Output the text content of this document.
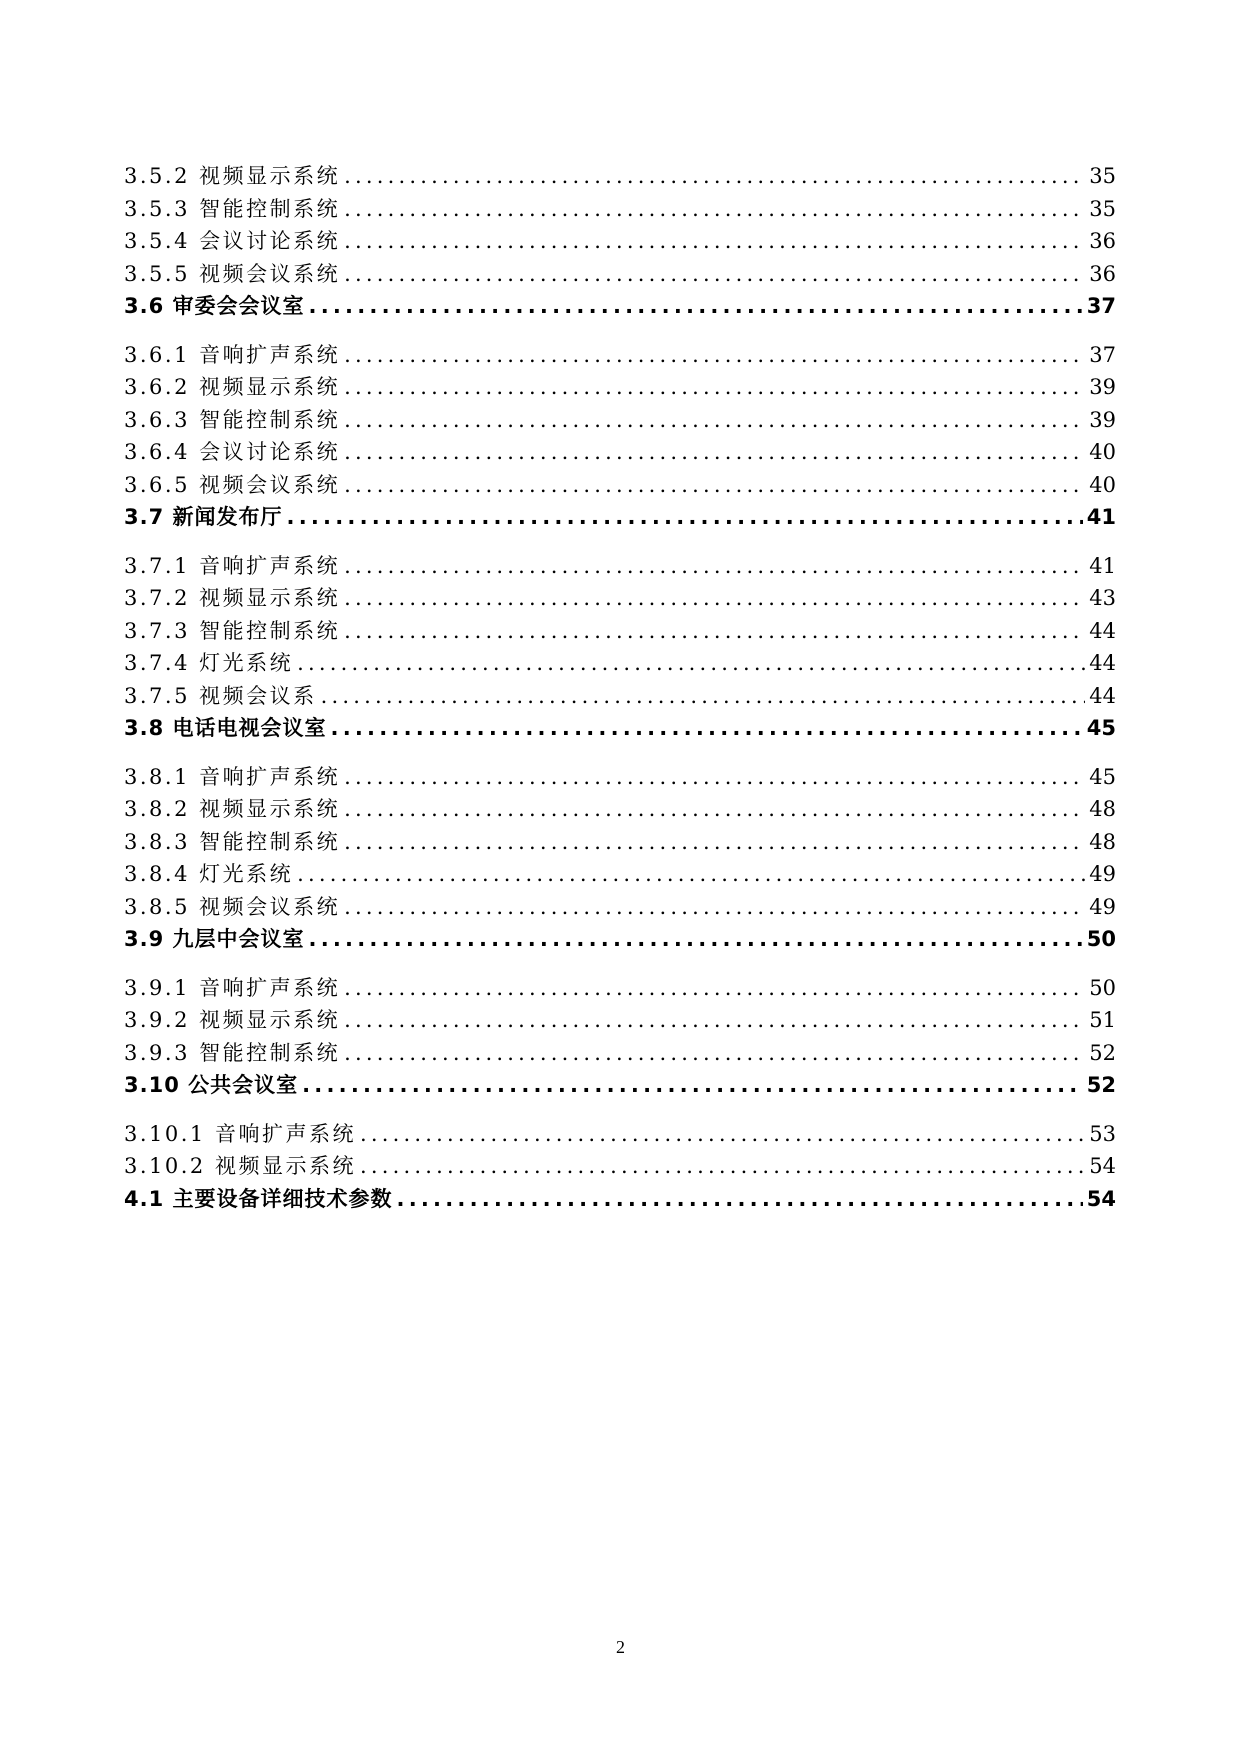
3.5.2 视频显示系统 .....	35
3.5.3 智能控制系统 .....	35
3.5.4 会议讨论系统 .....	36
3.5.5 视频会议系统 .....	36
3.6 审委会会议室 .....	37
3.6.1 音响扩声系统 .....	37
3.6.2 视频显示系统 .....	39
3.6.3 智能控制系统 .....	39
3.6.4 会议讨论系统 .....	40
3.6.5 视频会议系统 .....	40
3.7 新闻发布厅 .....	41
3.7.1 音响扩声系统 .....	41
3.7.2 视频显示系统 .....	43
3.7.3 智能控制系统 .....	44
3.7.4 灯光系统 .....	44
3.7.5 视频会议系 .....	44
3.8 电话电视会议室 .....	45
3.8.1 音响扩声系统 .....	45
3.8.2 视频显示系统 .....	48
3.8.3 智能控制系统 .....	48
3.8.4 灯光系统 .....	49
3.8.5 视频会议系统 .....	49
3.9 九层中会议室 .....	50
3.9.1 音响扩声系统 .....	50
3.9.2 视频显示系统 .....	51
3.9.3 智能控制系统 .....	52
3.10 公共会议室 .....	52
3.10.1 音响扩声系统 .....	53
3.10.2 视频显示系统 .....	54
4.1 主要设备详细技术参数 .....	54
2
